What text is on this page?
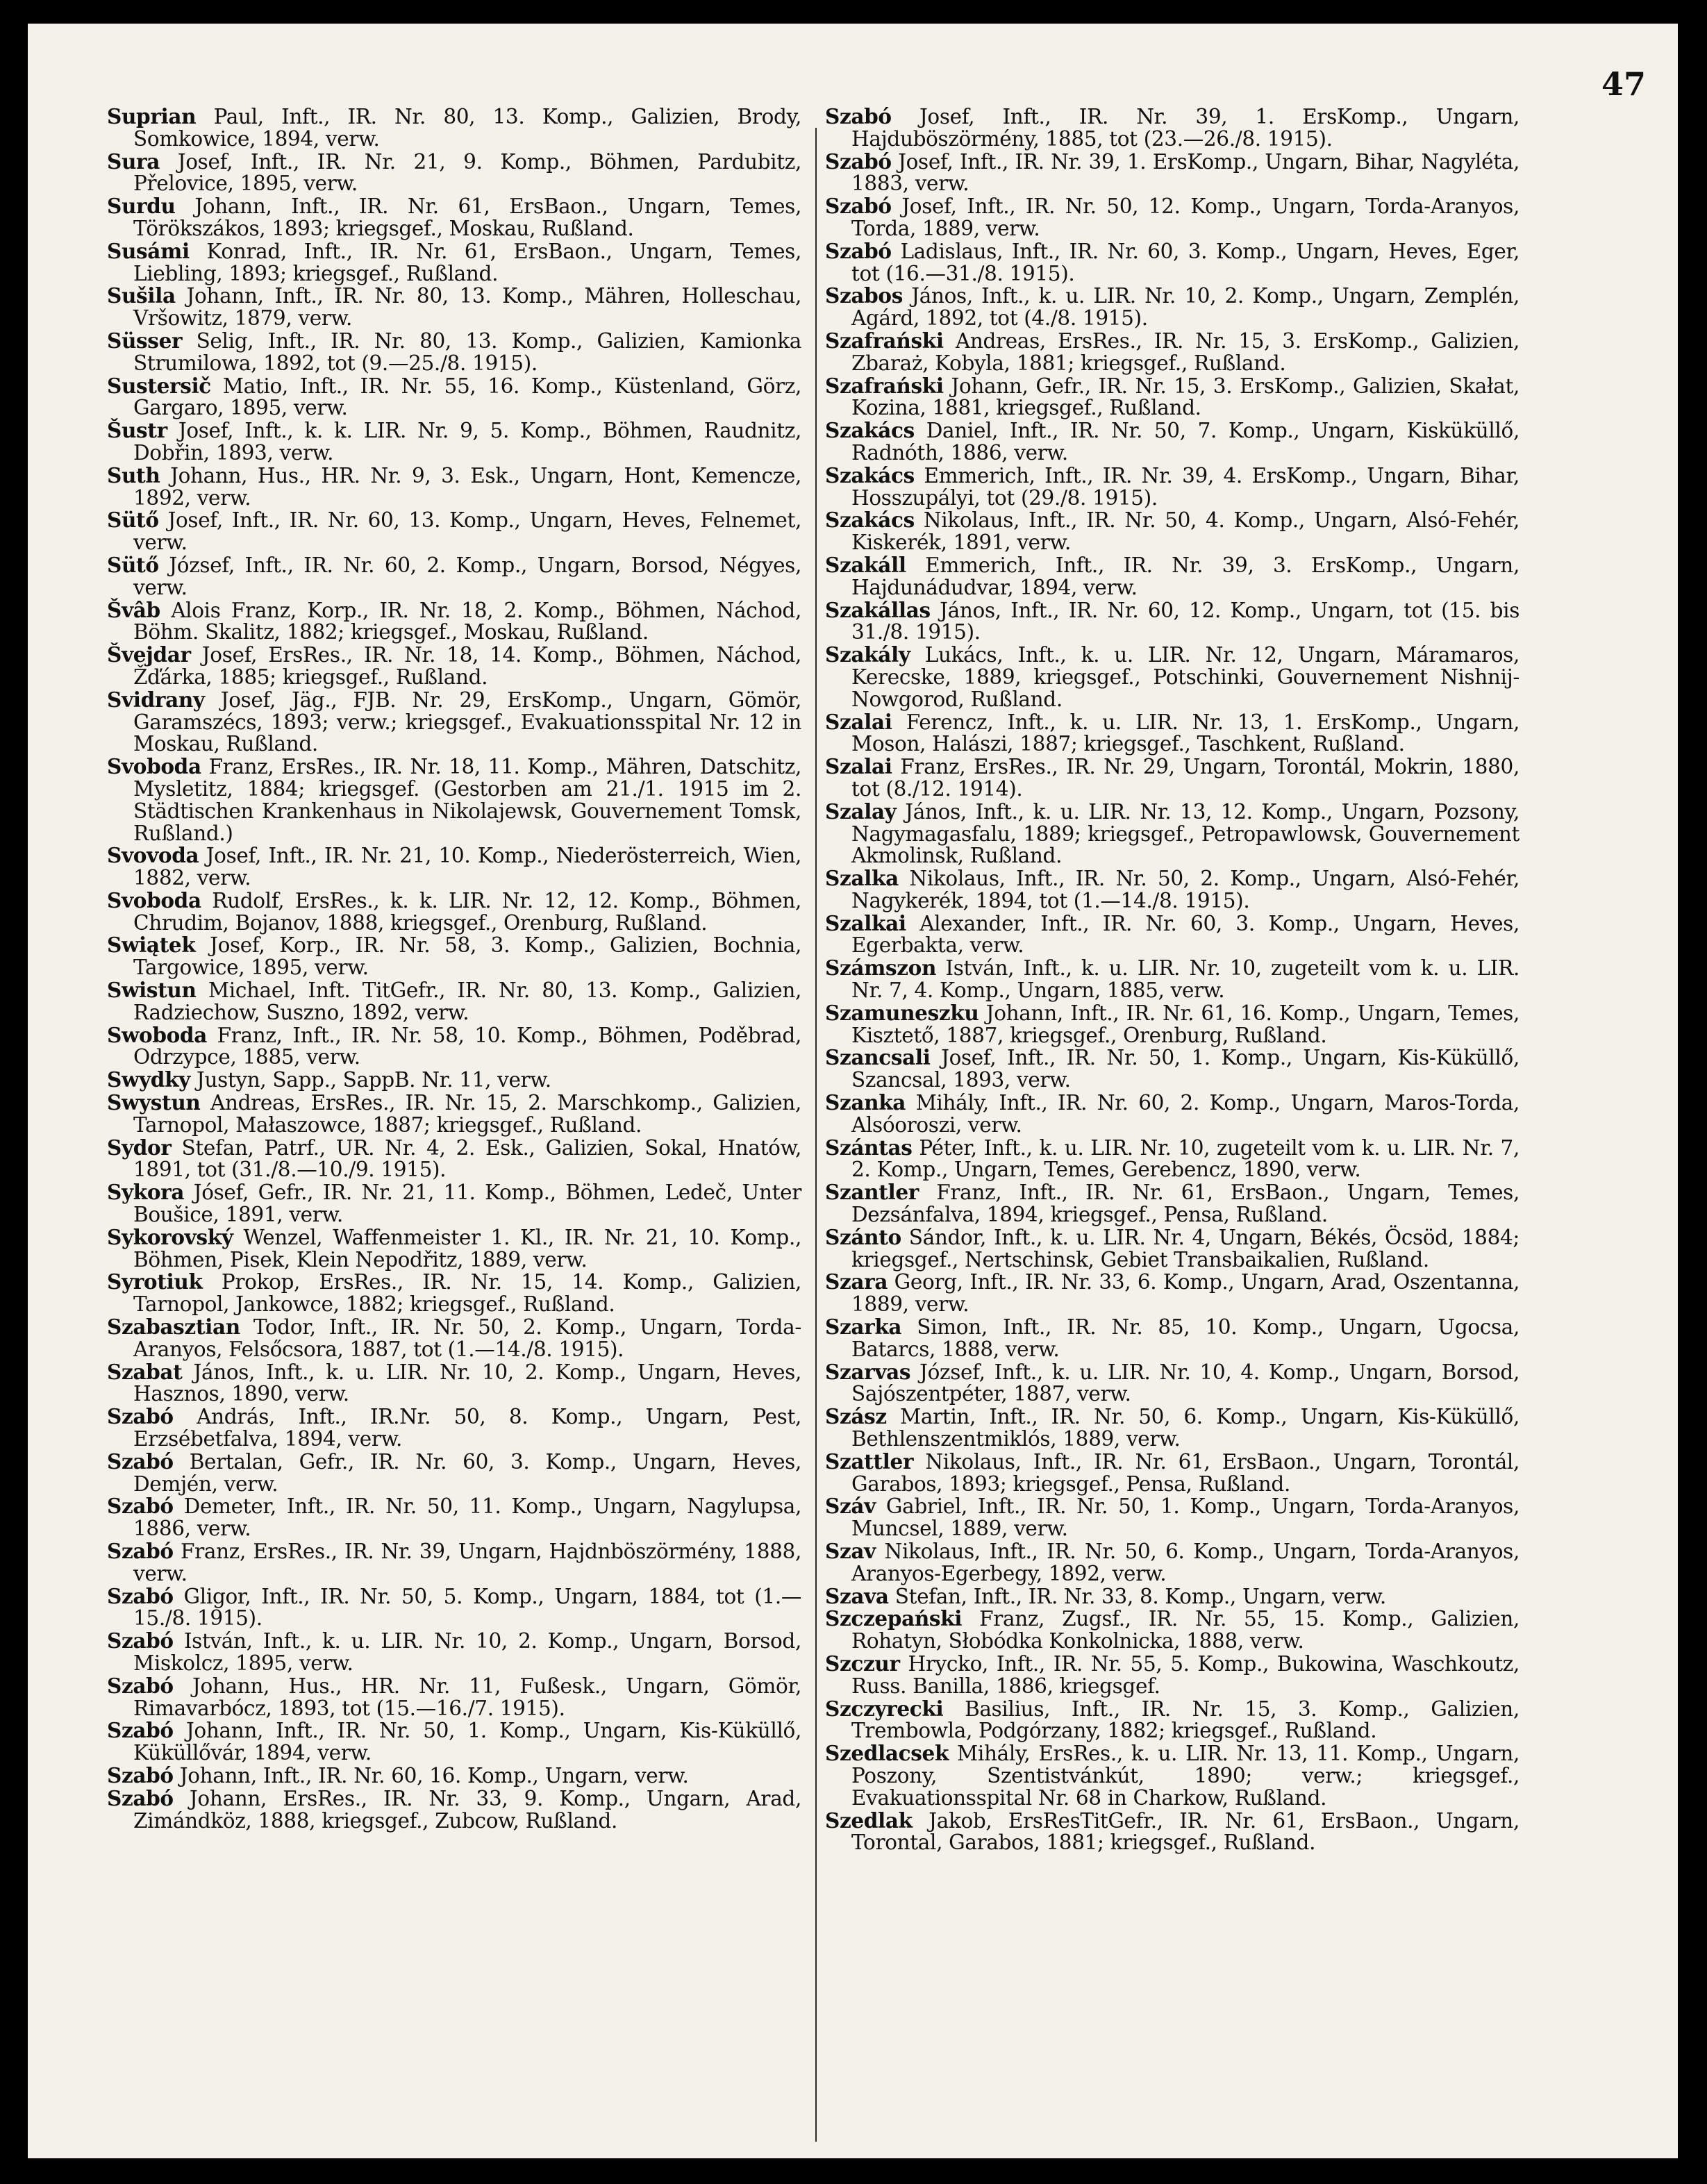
47

Suprian Paul, Inft., IR. Nr. 80, 13. Komp., Galizien, Brody, Somkowice, 1894, verw.

Sura Josef, Inft., IR. Nr. 21, 9. Komp., Böhmen, Pardubitz, Přelovice, 1895, verw.

Surdu Johann, Inft., IR. Nr. 61, ErsBaon., Ungarn, Temes, Törökszákos, 1893; kriegsgef., Moskau, Rußland.

Susámi Konrad, Inft., IR. Nr. 61, ErsBaon., Ungarn, Temes, Liebling, 1893; kriegsgef., Rußland.

Sušila Johann, Inft., IR. Nr. 80, 13. Komp., Mähren, Holleschau, Vršowitz, 1879, verw.

Süsser Selig, Inft., IR. Nr. 80, 13. Komp., Galizien, Kamionka Strumilowa, 1892, tot (9.—25./8. 1915).

Sustersič Matio, Inft., IR. Nr. 55, 16. Komp., Küstenland, Görz, Gargaro, 1895, verw.

Šustr Josef, Inft., k. k. LIR. Nr. 9, 5. Komp., Böhmen, Raudnitz, Dobřin, 1893, verw.

Suth Johann, Hus., HR. Nr. 9, 3. Esk., Ungarn, Hont, Kemencze, 1892, verw.

Sütő Josef, Inft., IR. Nr. 60, 13. Komp., Ungarn, Heves, Felnemet, verw.

Sütő József, Inft., IR. Nr. 60, 2. Komp., Ungarn, Borsod, Négyes, verw.

Švâb Alois Franz, Korp., IR. Nr. 18, 2. Komp., Böhmen, Náchod, Böhm. Skalitz, 1882; kriegsgef., Moskau, Rußland.

Švejdar Josef, ErsRes., IR. Nr. 18, 14. Komp., Böhmen, Náchod, Žďárka, 1885; kriegsgef., Rußland.

Svidrany Josef, Jäg., FJB. Nr. 29, ErsKomp., Ungarn, Gömör, Garamszécs, 1893; verw.; kriegsgef., Evakuationsspital Nr. 12 in Moskau, Rußland.

Svoboda Franz, ErsRes., IR. Nr. 18, 11. Komp., Mähren, Datschitz, Mysletitz, 1884; kriegsgef. (Gestorben am 21./1. 1915 im 2. Städtischen Krankenhaus in Nikolajewsk, Gouvernement Tomsk, Rußland.)

Svovoda Josef, Inft., IR. Nr. 21, 10. Komp., Niederösterreich, Wien, 1882, verw.

Svoboda Rudolf, ErsRes., k. k. LIR. Nr. 12, 12. Komp., Böhmen, Chrudim, Bojanov, 1888, kriegsgef., Orenburg, Rußland.

Swiątek Josef, Korp., IR. Nr. 58, 3. Komp., Galizien, Bochnia, Targowice, 1895, verw.

Swistun Michael, Inft. TitGefr., IR. Nr. 80, 13. Komp., Galizien, Radziechow, Suszno, 1892, verw.

Swoboda Franz, Inft., IR. Nr. 58, 10. Komp., Böhmen, Poděbrad, Odrzypce, 1885, verw.

Swydky Justyn, Sapp., SappB. Nr. 11, verw.

Swystun Andreas, ErsRes., IR. Nr. 15, 2. Marschkomp., Galizien, Tarnopol, Małaszowce, 1887; kriegsgef., Rußland.

Sydor Stefan, Patrf., UR. Nr. 4, 2. Esk., Galizien, Sokal, Hnatów, 1891, tot (31./8.—10./9. 1915).

Sykora Jósef, Gefr., IR. Nr. 21, 11. Komp., Böhmen, Ledeč, Unter Boušice, 1891, verw.

Sykorovský Wenzel, Waffenmeister 1. Kl., IR. Nr. 21, 10. Komp., Böhmen, Pisek, Klein Nepodřitz, 1889, verw.

Syrotiuk Prokop, ErsRes., IR. Nr. 15, 14. Komp., Galizien, Tarnopol, Jankowce, 1882; kriegsgef., Rußland.

Szabasztian Todor, Inft., IR. Nr. 50, 2. Komp., Ungarn, Torda-Aranyos, Felsőcsora, 1887, tot (1.—14./8. 1915).

Szabat János, Inft., k. u. LIR. Nr. 10, 2. Komp., Ungarn, Heves, Hasznos, 1890, verw.

Szabó András, Inft., IR.Nr. 50, 8. Komp., Ungarn, Pest, Erzsébetfalva, 1894, verw.

Szabó Bertalan, Gefr., IR. Nr. 60, 3. Komp., Ungarn, Heves, Demjén, verw.

Szabó Demeter, Inft., IR. Nr. 50, 11. Komp., Ungarn, Nagylupsa, 1886, verw.

Szabó Franz, ErsRes., IR. Nr. 39, Ungarn, Hajdnböszörmény, 1888, verw.

Szabó Gligor, Inft., IR. Nr. 50, 5. Komp., Ungarn, 1884, tot (1.—15./8. 1915).

Szabó István, Inft., k. u. LIR. Nr. 10, 2. Komp., Ungarn, Borsod, Miskolcz, 1895, verw.

Szabó Johann, Hus., HR. Nr. 11, Fußesk., Ungarn, Gömör, Rimavarbócz, 1893, tot (15.—16./7. 1915).

Szabó Johann, Inft., IR. Nr. 50, 1. Komp., Ungarn, Kis-Küküllő, Küküllővár, 1894, verw.

Szabó Johann, Inft., IR. Nr. 60, 16. Komp., Ungarn, verw.

Szabó Johann, ErsRes., IR. Nr. 33, 9. Komp., Ungarn, Arad, Zimándköz, 1888, kriegsgef., Zubcow, Rußland.

Szabó Josef, Inft., IR. Nr. 39, 1. ErsKomp., Ungarn, Hajduböszörmény, 1885, tot (23.—26./8. 1915).

Szabó Josef, Inft., IR. Nr. 39, 1. ErsKomp., Ungarn, Bihar, Nagyléta, 1883, verw.

Szabó Josef, Inft., IR. Nr. 50, 12. Komp., Ungarn, Torda-Aranyos, Torda, 1889, verw.

Szabó Ladislaus, Inft., IR. Nr. 60, 3. Komp., Ungarn, Heves, Eger, tot (16.—31./8. 1915).

Szabos János, Inft., k. u. LIR. Nr. 10, 2. Komp., Ungarn, Zemplén, Agárd, 1892, tot (4./8. 1915).

Szafrański Andreas, ErsRes., IR. Nr. 15, 3. ErsKomp., Galizien, Zbaraż, Kobyla, 1881; kriegsgef., Rußland.

Szafrański Johann, Gefr., IR. Nr. 15, 3. ErsKomp., Galizien, Skałat, Kozina, 1881, kriegsgef., Rußland.

Szakács Daniel, Inft., IR. Nr. 50, 7. Komp., Ungarn, Kisküküllő, Radnóth, 1886, verw.

Szakács Emmerich, Inft., IR. Nr. 39, 4. ErsKomp., Ungarn, Bihar, Hosszupályi, tot (29./8. 1915).

Szakács Nikolaus, Inft., IR. Nr. 50, 4. Komp., Ungarn, Alsó-Fehér, Kiskerék, 1891, verw.

Szakáll Emmerich, Inft., IR. Nr. 39, 3. ErsKomp., Ungarn, Hajdunádudvar, 1894, verw.

Szakállas János, Inft., IR. Nr. 60, 12. Komp., Ungarn, tot (15. bis 31./8. 1915).

Szakály Lukács, Inft., k. u. LIR. Nr. 12, Ungarn, Máramaros, Kerecske, 1889, kriegsgef., Potschinki, Gouvernement Nishnij-Nowgorod, Rußland.

Szalai Ferencz, Inft., k. u. LIR. Nr. 13, 1. ErsKomp., Ungarn, Moson, Halászi, 1887; kriegsgef., Taschkent, Rußland.

Szalai Franz, ErsRes., IR. Nr. 29, Ungarn, Torontál, Mokrin, 1880, tot (8./12. 1914).

Szalay János, Inft., k. u. LIR. Nr. 13, 12. Komp., Ungarn, Pozsony, Nagymagasfalu, 1889; kriegsgef., Petropawlowsk, Gouvernement Akmolinsk, Rußland.

Szalka Nikolaus, Inft., IR. Nr. 50, 2. Komp., Ungarn, Alsó-Fehér, Nagykerék, 1894, tot (1.—14./8. 1915).

Szalkai Alexander, Inft., IR. Nr. 60, 3. Komp., Ungarn, Heves, Egerbakta, verw.

Számszon István, Inft., k. u. LIR. Nr. 10, zugeteilt vom k. u. LIR. Nr. 7, 4. Komp., Ungarn, 1885, verw.

Szamuneszku Johann, Inft., IR. Nr. 61, 16. Komp., Ungarn, Temes, Kisztető, 1887, kriegsgef., Orenburg, Rußland.

Szancsali Josef, Inft., IR. Nr. 50, 1. Komp., Ungarn, Kis-Küküllő, Szancsal, 1893, verw.

Szanka Mihály, Inft., IR. Nr. 60, 2. Komp., Ungarn, Maros-Torda, Alsóoroszi, verw.

Szántas Péter, Inft., k. u. LIR. Nr. 10, zugeteilt vom k. u. LIR. Nr. 7, 2. Komp., Ungarn, Temes, Gerebencz, 1890, verw.

Szantler Franz, Inft., IR. Nr. 61, ErsBaon., Ungarn, Temes, Dezsánfalva, 1894, kriegsgef., Pensa, Rußland.

Szánto Sándor, Inft., k. u. LIR. Nr. 4, Ungarn, Békés, Öcsöd, 1884; kriegsgef., Nertschinsk, Gebiet Transbaikalien, Rußland.

Szara Georg, Inft., IR. Nr. 33, 6. Komp., Ungarn, Arad, Oszentanna, 1889, verw.

Szarka Simon, Inft., IR. Nr. 85, 10. Komp., Ungarn, Ugocsa, Batarcs, 1888, verw.

Szarvas József, Inft., k. u. LIR. Nr. 10, 4. Komp., Ungarn, Borsod, Sajószentpéter, 1887, verw.

Szász Martin, Inft., IR. Nr. 50, 6. Komp., Ungarn, Kis-Küküllő, Bethlenszentmiklós, 1889, verw.

Szattler Nikolaus, Inft., IR. Nr. 61, ErsBaon., Ungarn, Torontál, Garabos, 1893; kriegsgef., Pensa, Rußland.

Száv Gabriel, Inft., IR. Nr. 50, 1. Komp., Ungarn, Torda-Aranyos, Muncsel, 1889, verw.

Szav Nikolaus, Inft., IR. Nr. 50, 6. Komp., Ungarn, Torda-Aranyos, Aranyos-Egerbegy, 1892, verw.

Szava Stefan, Inft., IR. Nr. 33, 8. Komp., Ungarn, verw.

Szczepański Franz, Zugsf., IR. Nr. 55, 15. Komp., Galizien, Rohatyn, Słobódka Konkolnicka, 1888, verw.

Szczur Hrycko, Inft., IR. Nr. 55, 5. Komp., Bukowina, Waschkoutz, Russ. Banilla, 1886, kriegsgef.

Szczyrecki Basilius, Inft., IR. Nr. 15, 3. Komp., Galizien, Trembowla, Podgórzany, 1882; kriegsgef., Rußland.

Szedlacsek Mihály, ErsRes., k. u. LIR. Nr. 13, 11. Komp., Ungarn, Poszony, Szentistvánkút, 1890; verw.; kriegsgef., Evakuationsspital Nr. 68 in Charkow, Rußland.

Szedlak Jakob, ErsResTitGefr., IR. Nr. 61, ErsBaon., Ungarn, Torontal, Garabos, 1881; kriegsgef., Rußland.
